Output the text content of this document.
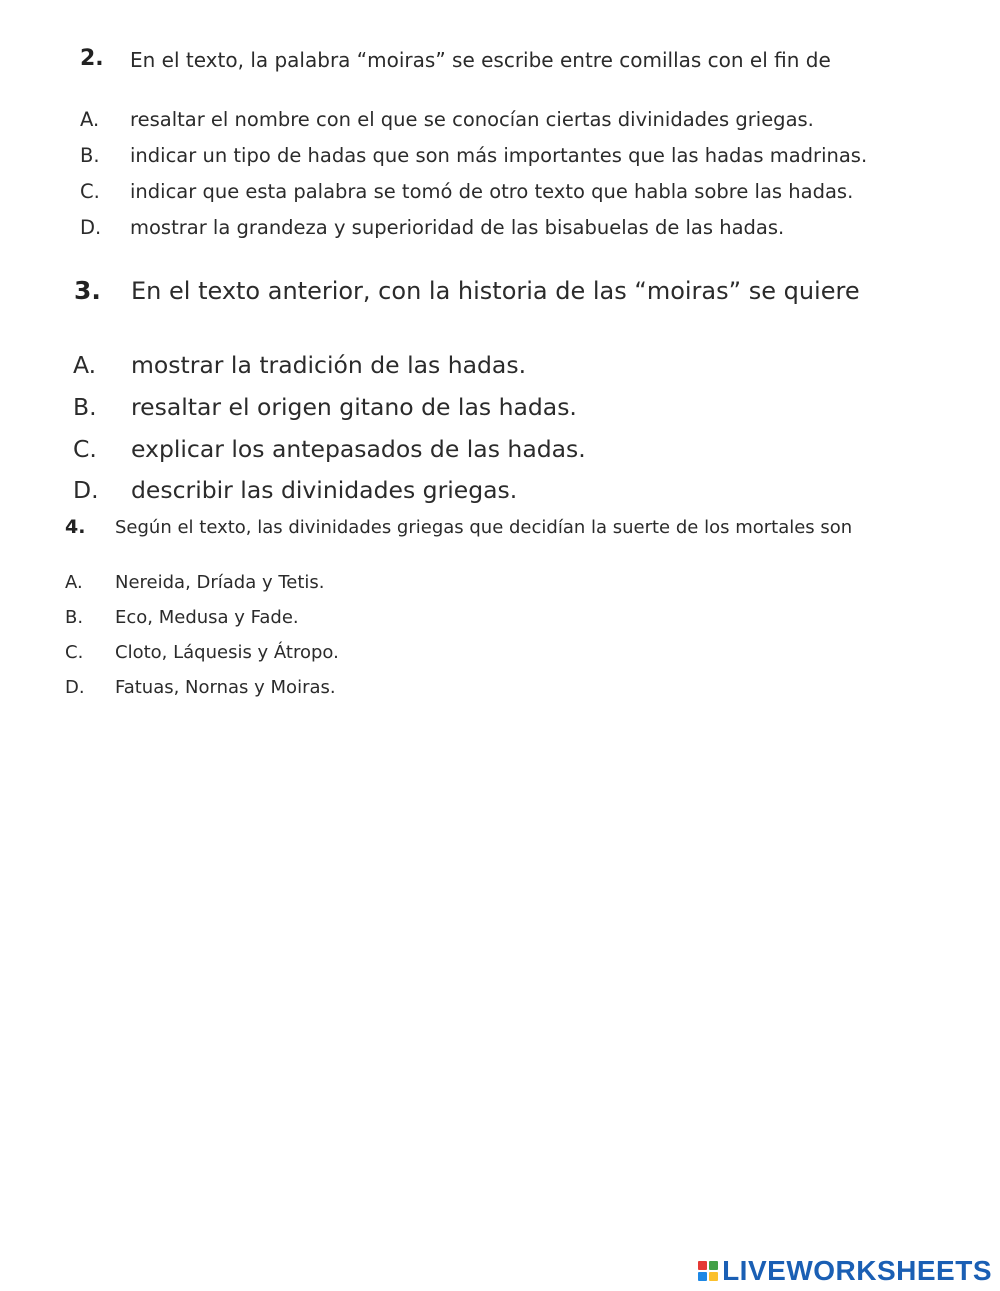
2. En el texto, la palabra “moiras” se escribe entre comillas con el fin de
A. resaltar el nombre con el que se conocían ciertas divinidades griegas.
B. indicar un tipo de hadas que son más importantes que las hadas madrinas.
C. indicar que esta palabra se tomó de otro texto que habla sobre las hadas.
D. mostrar la grandeza y superioridad de las bisabuelas de las hadas.
3. En el texto anterior, con la historia de las “moiras” se quiere
A. mostrar la tradición de las hadas.
B. resaltar el origen gitano de las hadas.
C. explicar los antepasados de las hadas.
D. describir las divinidades griegas.
4. Según el texto, las divinidades griegas que decidían la suerte de los mortales son
A. Nereida, Dríada y Tetis.
B. Eco, Medusa y Fade.
C. Cloto, Láquesis y Átropo.
D. Fatuas, Nornas y Moiras.
LIVEWORKSHEETS
